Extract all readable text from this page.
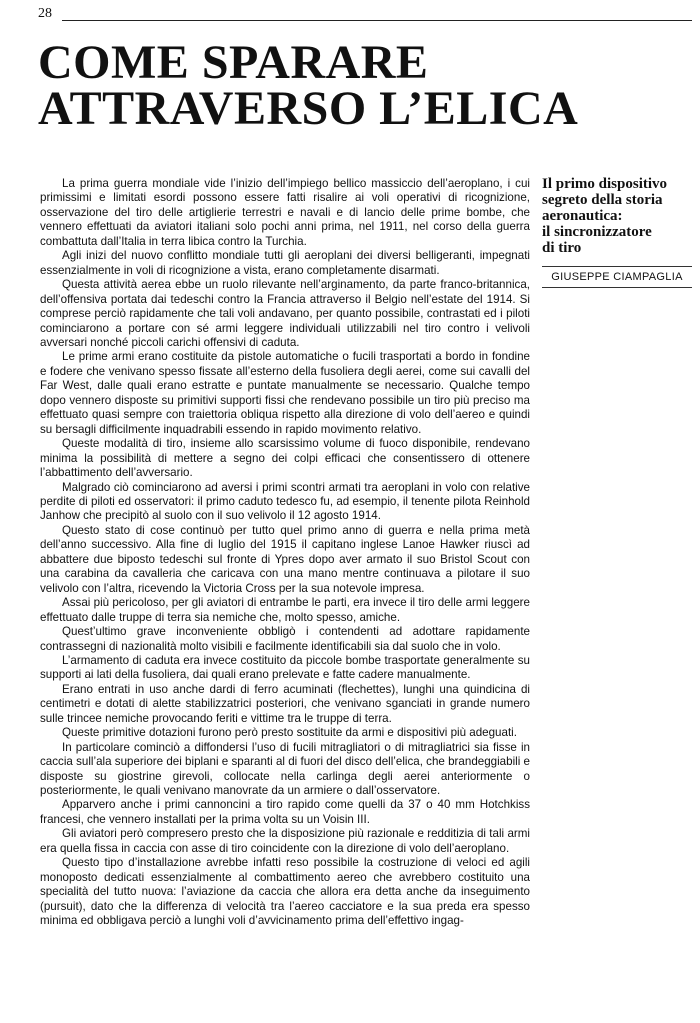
28
COME SPARARE
ATTRAVERSO L’ELICA
Il primo dispositivo
segreto della storia
aeronautica:
il sincronizzatore
di tiro
GIUSEPPE CIAMPAGLIA

La prima guerra mondiale vide l’inizio dell’impiego bellico massiccio dell’aeroplano, i cui primissimi e limitati esordi possono essere fatti risalire ai voli operativi di ricognizione, osservazione del tiro delle artiglierie terrestri e navali e di lancio delle prime bombe, che vennero effettuati da aviatori italiani solo pochi anni prima, nel 1911, nel corso della guerra combattuta dall’Italia in terra libica contro la Turchia.

Agli inizi del nuovo conflitto mondiale tutti gli aeroplani dei diversi belligeranti, impegnati essenzialmente in voli di ricognizione a vista, erano completamente disarmati.

Questa attività aerea ebbe un ruolo rilevante nell’arginamento, da parte franco-britannica, dell’offensiva portata dai tedeschi contro la Francia attraverso il Belgio nell’estate del 1914. Si comprese perciò rapidamente che tali voli andavano, per quanto possibile, contrastati ed i piloti cominciarono a portare con sé armi leggere individuali utilizzabili nel tiro contro i velivoli avversari nonché piccoli carichi offensivi di caduta.

Le prime armi erano costituite da pistole automatiche o fucili trasportati a bordo in fondine e fodere che venivano spesso fissate all’esterno della fusoliera degli aerei, come sui cavalli del Far West, dalle quali erano estratte e puntate manualmente se necessario. Qualche tempo dopo vennero disposte su primitivi supporti fissi che rendevano possibile un tiro più preciso ma effettuato quasi sempre con traiettoria obliqua rispetto alla direzione di volo dell’aereo e quindi su bersagli difficilmente inquadrabili essendo in rapido movimento relativo.

Queste modalità di tiro, insieme allo scarsissimo volume di fuoco disponibile, rendevano minima la possibilità di mettere a segno dei colpi efficaci che consentissero di ottenere l’abbattimento dell’avversario.

Malgrado ciò cominciarono ad aversi i primi scontri armati tra aeroplani in volo con relative perdite di piloti ed osservatori: il primo caduto tedesco fu, ad esempio, il tenente pilota Reinhold Janhow che precipitò al suolo con il suo velivolo il 12 agosto 1914.

Questo stato di cose continuò per tutto quel primo anno di guerra e nella prima metà dell’anno successivo. Alla fine di luglio del 1915 il capitano inglese Lanoe Hawker riuscì ad abbattere due biposto tedeschi sul fronte di Ypres dopo aver armato il suo Bristol Scout con una carabina da cavalleria che caricava con una mano mentre continuava a pilotare il suo velivolo con l’altra, ricevendo la Victoria Cross per la sua notevole impresa.

Assai più pericoloso, per gli aviatori di entrambe le parti, era invece il tiro delle armi leggere effettuato dalle truppe di terra sia nemiche che, molto spesso, amiche.

Quest’ultimo grave inconveniente obbligò i contendenti ad adottare rapidamente contrassegni di nazionalità molto visibili e facilmente identificabili sia dal suolo che in volo.

L’armamento di caduta era invece costituito da piccole bombe trasportate generalmente su supporti ai lati della fusoliera, dai quali erano prelevate e fatte cadere manualmente.

Erano entrati in uso anche dardi di ferro acuminati (flechettes), lunghi una quindicina di centimetri e dotati di alette stabilizzatrici posteriori, che venivano sganciati in grande numero sulle trincee nemiche provocando feriti e vittime tra le truppe di terra.

Queste primitive dotazioni furono però presto sostituite da armi e dispositivi più adeguati.

In particolare cominciò a diffondersi l’uso di fucili mitragliatori o di mitragliatrici sia fisse in caccia sull’ala superiore dei biplani e sparanti al di fuori del disco dell’elica, che brandeggiabili e disposte su giostrine girevoli, collocate nella carlinga degli aerei anteriormente o posteriormente, le quali venivano manovrate da un armiere o dall’osservatore.

Apparvero anche i primi cannoncini a tiro rapido come quelli da 37 o 40 mm Hotchkiss francesi, che vennero installati per la prima volta su un Voisin III.

Gli aviatori però compresero presto che la disposizione più razionale e redditizia di tali armi era quella fissa in caccia con asse di tiro coincidente con la direzione di volo dell’aeroplano.

Questo tipo d’installazione avrebbe infatti reso possibile la costruzione di veloci ed agili monoposto dedicati essenzialmente al combattimento aereo che avrebbero costituito una specialità del tutto nuova: l’aviazione da caccia che allora era detta anche da inseguimento (pursuit), dato che la differenza di velocità tra l’aereo cacciatore e la sua preda era spesso minima ed obbligava perciò a lunghi voli d’avvicinamento prima dell’effettivo ingag-
